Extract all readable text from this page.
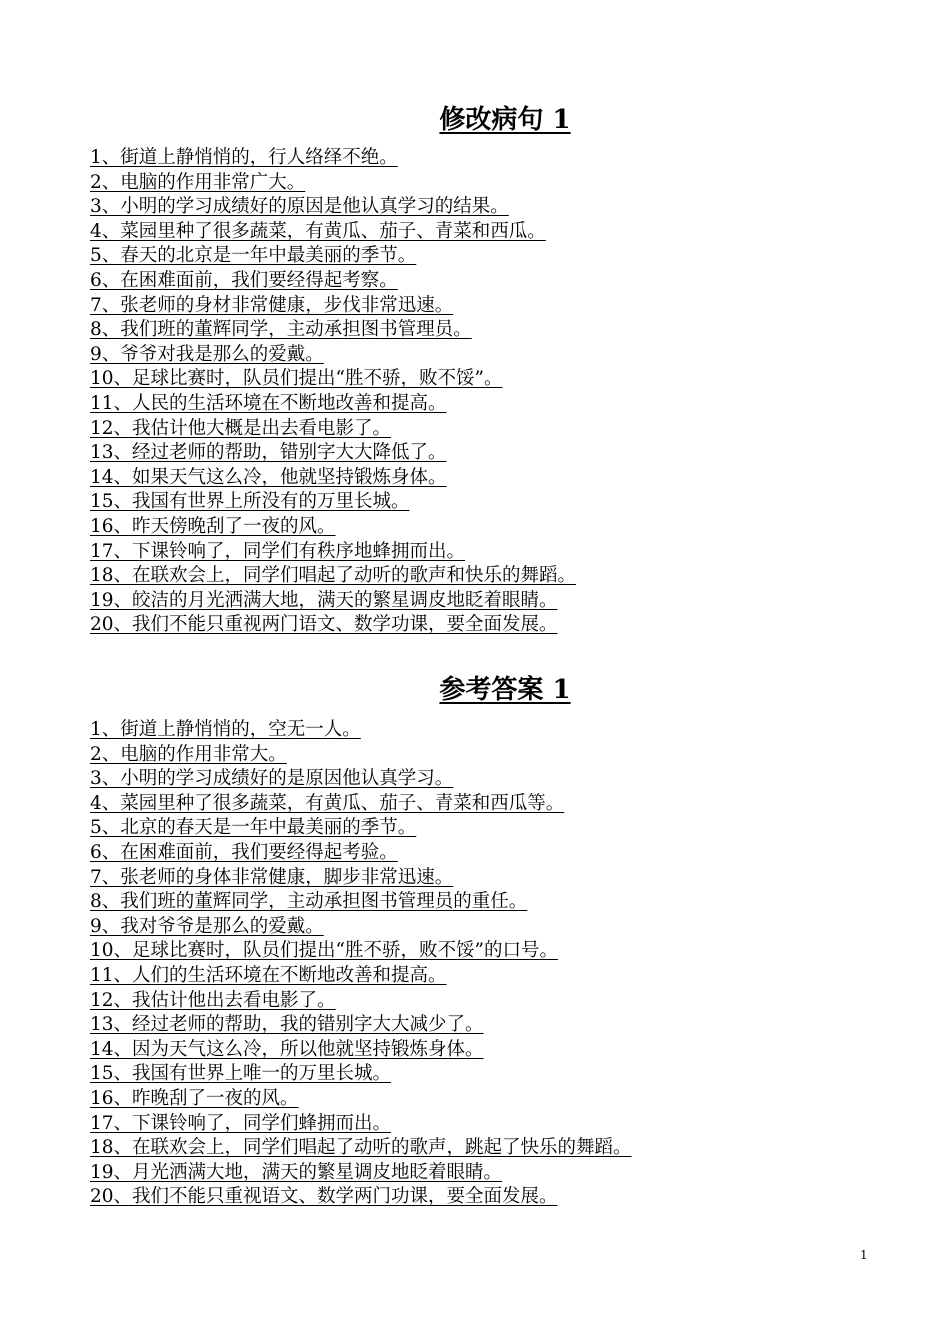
修改病句 1
1、街道上静悄悄的，行人络绎不绝。
2、电脑的作用非常广大。
3、小明的学习成绩好的原因是他认真学习的结果。
4、菜园里种了很多蔬菜，有黄瓜、茄子、青菜和西瓜。
5、春天的北京是一年中最美丽的季节。
6、在困难面前，我们要经得起考察。
7、张老师的身材非常健康，步伐非常迅速。
8、我们班的董辉同学，主动承担图书管理员。
9、爷爷对我是那么的爱戴。
10、足球比赛时，队员们提出“胜不骄，败不馁”。
11、人民的生活环境在不断地改善和提高。
12、我估计他大概是出去看电影了。
13、经过老师的帮助，错别字大大降低了。
14、如果天气这么冷，他就坚持锻炼身体。
15、我国有世界上所没有的万里长城。
16、昨天傍晚刮了一夜的风。
17、下课铃响了，同学们有秩序地蜂拥而出。
18、在联欢会上，同学们唱起了动听的歌声和快乐的舞蹈。
19、皎洁的月光洒满大地，满天的繁星调皮地眨着眼睛。
20、我们不能只重视两门语文、数学功课，要全面发展。
参考答案 1
1、街道上静悄悄的，空无一人。
2、电脑的作用非常大。
3、小明的学习成绩好的是原因他认真学习。
4、菜园里种了很多蔬菜，有黄瓜、茄子、青菜和西瓜等。
5、北京的春天是一年中最美丽的季节。
6、在困难面前，我们要经得起考验。
7、张老师的身体非常健康，脚步非常迅速。
8、我们班的董辉同学，主动承担图书管理员的重任。
9、我对爷爷是那么的爱戴。
10、足球比赛时，队员们提出“胜不骄，败不馁”的口号。
11、人们的生活环境在不断地改善和提高。
12、我估计他出去看电影了。
13、经过老师的帮助，我的错别字大大减少了。
14、因为天气这么冷，所以他就坚持锻炼身体。
15、我国有世界上唯一的万里长城。
16、昨晚刮了一夜的风。
17、下课铃响了，同学们蜂拥而出。
18、在联欢会上，同学们唱起了动听的歌声，跳起了快乐的舞蹈。
19、月光洒满大地，满天的繁星调皮地眨着眼睛。
20、我们不能只重视语文、数学两门功课，要全面发展。
1
